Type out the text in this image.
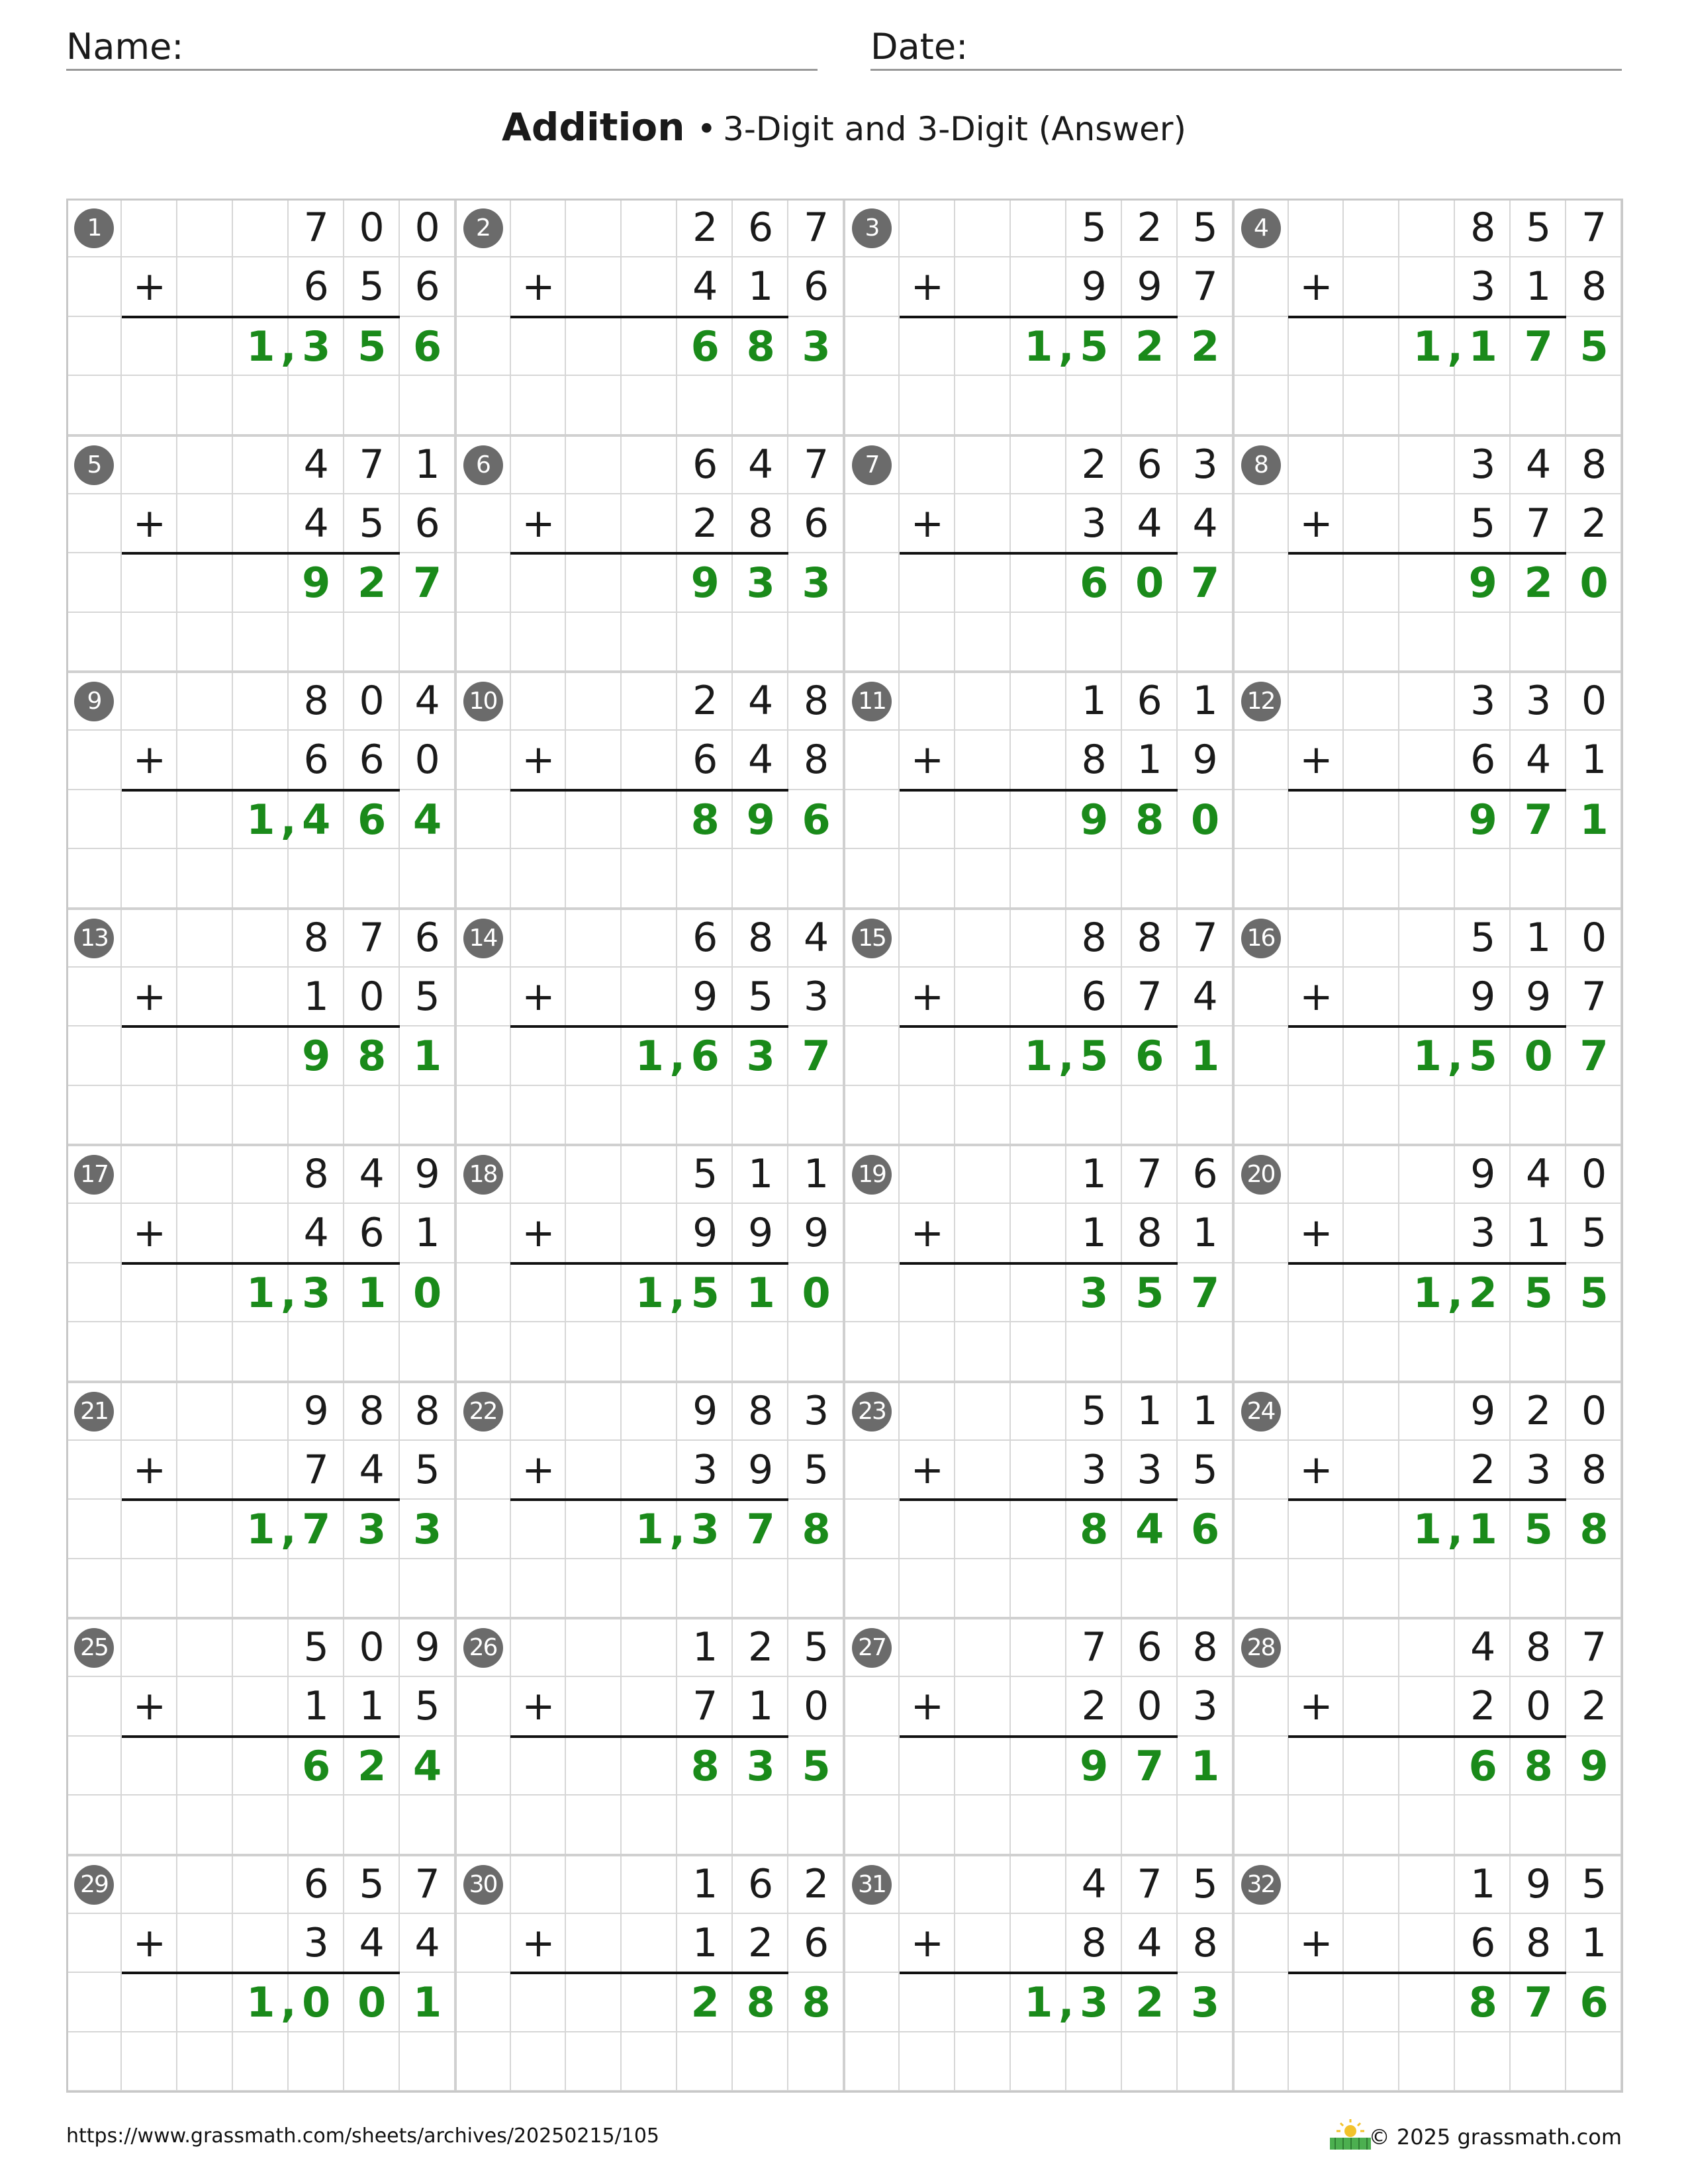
Name:	Date:
Addition • 3-Digit and 3-Digit (Answer)
1	7 0 0
6 5 6
+
1 3 5 6
,
2	2 6 7
4 1 6
+
6 8 3
3	5 2 5
9 9 7
+
1 5 2 2
,
4	8 5 7
3 1 8
+
1 1 7 5
,
5	4 7 1
4 5 6
+
9 2 7
6	6 4 7
2 8 6
+
9 3 3
7	2 6 3
3 4 4
+
6 0 7
8	3 4 8
5 7 2
+
9 2 0
9	8 0 4
6 6 0
+
1 4 6 4
,
10	2 4 8
6 4 8
+
8 9 6
11	1 6 1
8 1 9
+
9 8 0
12	3 3 0
6 4 1
+
9 7 1
13	8 7 6
1 0 5
+
9 8 1
14	6 8 4
9 5 3
+
1 6 3 7
,
15	8 8 7
6 7 4
+
1 5 6 1
,
16	5 1 0
9 9 7
+
1 5 0 7
,
17	8 4 9
4 6 1
+
1 3 1 0
,
18	5 1 1
9 9 9
+
1 5 1 0
,
19	1 7 6
1 8 1
+
3 5 7
20	9 4 0
3 1 5
+
1 2 5 5
,
21	9 8 8
7 4 5
+
1 7 3 3
,
22	9 8 3
3 9 5
+
1 3 7 8
,
23	5 1 1
3 3 5
+
8 4 6
24	9 2 0
2 3 8
+
1 1 5 8
,
25	5 0 9
1 1 5
+
6 2 4
26	1 2 5
7 1 0
+
8 3 5
27	7 6 8
2 0 3
+
9 7 1
28	4 8 7
2 0 2
+
6 8 9
29	6 5 7
3 4 4
+
1 0 0 1
,
30	1 6 2
1 2 6
+
2 8 8
31	4 7 5
8 4 8
+
1 3 2 3
,
32	1 9 5
6 8 1
+
8 7 6
https://www.grassmath.com/sheets/archives/20250215/105	© 2025 grassmath.com
